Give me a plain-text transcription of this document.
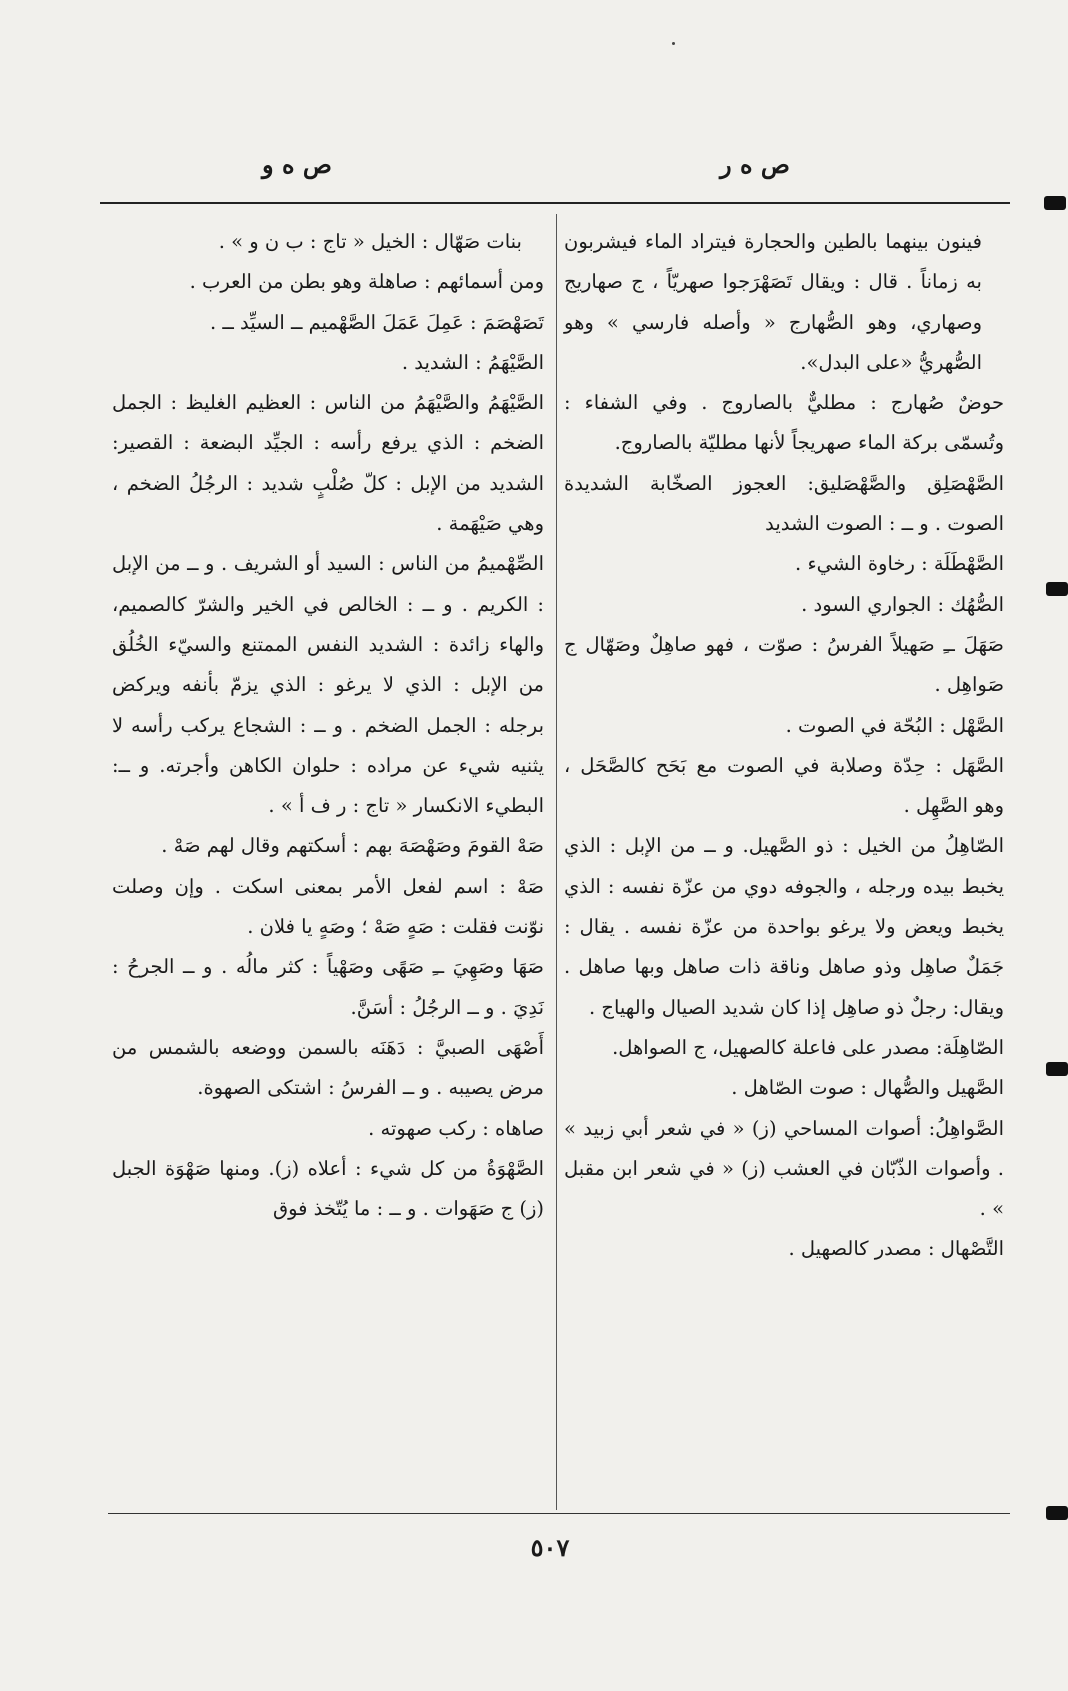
ص ه ر
ص ه و

فينون بينهما بالطين والحجارة فيتراد الماء فيشربون به زماناً . قال : ويقال تَصَهْرَجوا صهريّاً ، ج صهاريج وصهاري، وهو الصُّهارج « وأصله فارسي » وهو الصُّهريُّ «على البدل».

حوضٌ صُهارج : مطليٌّ بالصاروج . وفي الشفاء : وتُسمّى بركة الماء صهريجاً لأنها مطليّة بالصاروج.

الصَّهْصَلِق والصَّهْصَليق: العجوز الصخّابة الشديدة الصوت . و ــ : الصوت الشديد

الصَّهْطَلَة : رخاوة الشيء .

الصُّهُك : الجواري السود .

صَهَلَ ــِ صَهيلاً الفرسُ : صوّت ، فهو صاهِلٌ وصَهّال ج صَواهِل .

الصَّهْل : البُحّة في الصوت .

الصَّهَل : حِدّة وصلابة في الصوت مع بَحَح كالصَّحَل ، وهو الصَّهِل .

الصّاهِلُ من الخيل : ذو الصَّهيل. و ــ من الإبل : الذي يخبط بيده ورجله ، والجوفه دوي من عزّة نفسه : الذي يخبط ويعض ولا يرغو بواحدة من عزّة نفسه . يقال : جَمَلٌ صاهِل وذو صاهل وناقة ذات صاهل وبها صاهل . ويقال: رجلٌ ذو صاهِل إذا كان شديد الصيال والهياج .

الصّاهِلَة: مصدر على فاعلة كالصهيل، ج الصواهل.

الصَّهيل والصُّهال : صوت الصّاهل .

الصَّواهِلُ: أصوات المساحي (ز) « في شعر أبي زبيد » . وأصوات الذّبّان في العشب (ز) « في شعر ابن مقبل » .

التَّصْهال : مصدر كالصهيل .

بنات صَهّال : الخيل « تاج : ب ن و » .

ومن أسمائهم : صاهلة وهو بطن من العرب .

تَصَهْصَمَ : عَمِلَ عَمَلَ الصَّهْميم ــ السيِّد ــ .

الصَّيْهَمُ : الشديد .

الصَّيْهَمُ والصَّيْهَمُ من الناس : العظيم الغليظ : الجمل الضخم : الذي يرفع رأسه : الجيِّد البضعة : القصير: الشديد من الإبل : كلّ صُلْبٍ شديد : الرجُلُ الضخم ، وهي صَيْهَمة .

الصِّهْميمُ من الناس : السيد أو الشريف . و ــ من الإبل : الكريم . و ــ : الخالص في الخير والشرّ كالصميم، والهاء زائدة : الشديد النفس الممتنع والسيّء الخُلُق من الإبل : الذي لا يرغو : الذي يزمّ بأنفه ويركض برجله : الجمل الضخم . و ــ : الشجاع يركب رأسه لا يثنيه شيء عن مراده : حلوان الكاهن وأجرته. و ــ: البطيء الانكسار « تاج : ر ف أ » .

صَهْ القومَ وصَهْصَهَ بهم : أسكتهم وقال لهم صَهْ .

صَهْ : اسم لفعل الأمر بمعنى اسكت . وإن وصلت نوّنت فقلت : صَهٍ صَهْ ؛ وصَهٍ يا فلان .

صَهَا وصَهِيَ ــِ صَهًى وصَهْياً : كثر مالُه . و ــ الجرحُ : نَدِيَ . و ــ الرجُلُ : أسَنَّ.

أَصْهَى الصبيَّ : دَهَنَه بالسمن ووضعه بالشمس من مرض يصيبه . و ــ الفرسُ : اشتكى الصهوة.

صاهاه : ركب صهوته .

الصَّهْوَةُ من كل شيء : أعلاه (ز). ومنها صَهْوَة الجبل (ز) ج صَهَوات . و ــ : ما يُتّخذ فوق

٥٠٧
